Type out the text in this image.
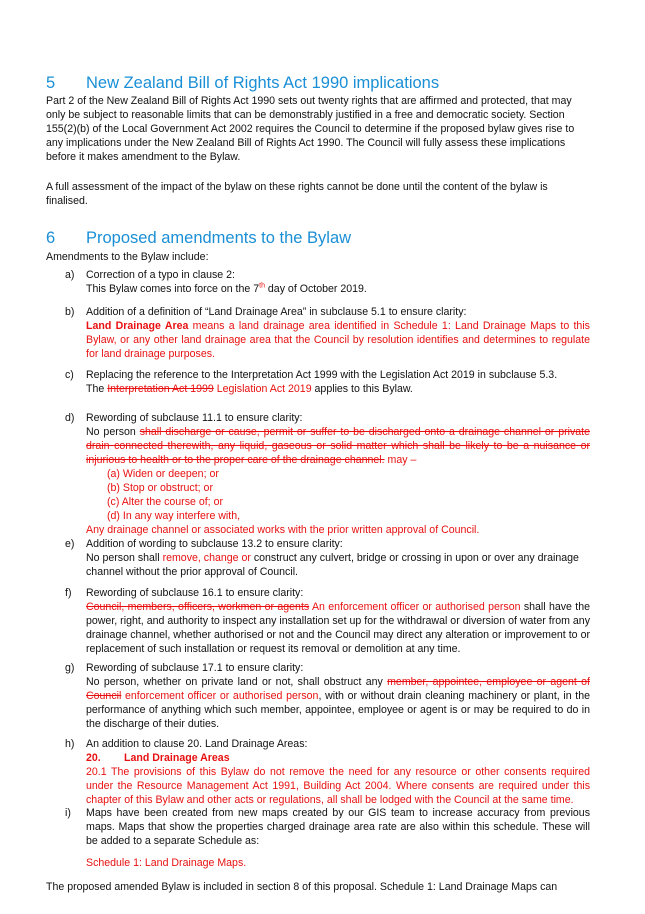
5 New Zealand Bill of Rights Act 1990 implications

Part 2 of the New Zealand Bill of Rights Act 1990 sets out twenty rights that are affirmed and protected, that may only be subject to reasonable limits that can be demonstrably justified in a free and democratic society. Section 155(2)(b) of the Local Government Act 2002 requires the Council to determine if the proposed bylaw gives rise to any implications under the New Zealand Bill of Rights Act 1990. The Council will fully assess these implications before it makes amendment to the Bylaw.

A full assessment of the impact of the bylaw on these rights cannot be done until the content of the bylaw is finalised.

6 Proposed amendments to the Bylaw

Amendments to the Bylaw include:

a)	Correction of a typo in clause 2:
This Bylaw comes into force on the 7th day of October 2019.
b)	Addition of a definition of “Land Drainage Area” in subclause 5.1 to ensure clarity:
Land Drainage Area means a land drainage area identified in Schedule 1: Land Drainage Maps to this Bylaw, or any other land drainage area that the Council by resolution identifies and determines to regulate for land drainage purposes.
c)	Replacing the reference to the Interpretation Act 1999 with the Legislation Act 2019 in subclause 5.3.
The Interpretation Act 1999 Legislation Act 2019 applies to this Bylaw.
d)	Rewording of subclause 11.1 to ensure clarity:
No person shall discharge or cause, permit or suffer to be discharged onto a drainage channel or private drain connected therewith, any liquid, gaseous or solid matter which shall be likely to be a nuisance or injurious to health or to the proper care of the drainage channel. may –
(a) Widen or deepen; or
(b) Stop or obstruct; or
(c) Alter the course of; or
(d) In any way interfere with,
Any drainage channel or associated works with the prior written approval of Council.
e)	Addition of wording to subclause 13.2 to ensure clarity:
No person shall remove, change or construct any culvert, bridge or crossing in upon or over any drainage channel without the prior approval of Council.
f)	Rewording of subclause 16.1 to ensure clarity:
Council, members, officers, workmen or agents An enforcement officer or authorised person shall have the power, right, and authority to inspect any installation set up for the withdrawal or diversion of water from any drainage channel, whether authorised or not and the Council may direct any alteration or improvement to or replacement of such installation or request its removal or demolition at any time.
g)	Rewording of subclause 17.1 to ensure clarity:
No person, whether on private land or not, shall obstruct any member, appointee, employee or agent of Council enforcement officer or authorised person, with or without drain cleaning machinery or plant, in the performance of anything which such member, appointee, employee or agent is or may be required to do in the discharge of their duties.
h)	An addition to clause 20. Land Drainage Areas:
20. Land Drainage Areas
20.1 The provisions of this Bylaw do not remove the need for any resource or other consents required under the Resource Management Act 1991, Building Act 2004. Where consents are required under this chapter of this Bylaw and other acts or regulations, all shall be lodged with the Council at the same time.
i)	Maps have been created from new maps created by our GIS team to increase accuracy from previous maps. Maps that show the properties charged drainage area rate are also within this schedule. These will be added to a separate Schedule as:
Schedule 1: Land Drainage Maps.

The proposed amended Bylaw is included in section 8 of this proposal. Schedule 1: Land Drainage Maps can
